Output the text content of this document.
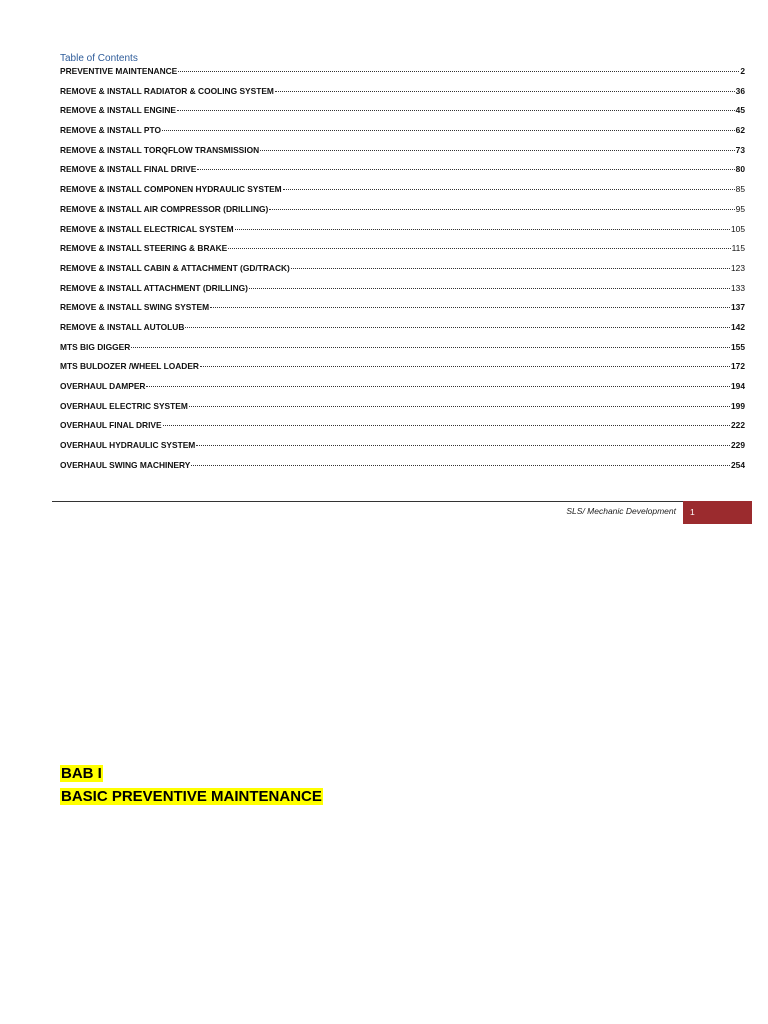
Table of Contents
PREVENTIVE MAINTENANCE	2
REMOVE & INSTALL RADIATOR & COOLING SYSTEM	36
REMOVE & INSTALL ENGINE	45
REMOVE & INSTALL PTO	62
REMOVE & INSTALL TORQFLOW TRANSMISSION	73
REMOVE & INSTALL FINAL DRIVE	80
REMOVE & INSTALL COMPONEN HYDRAULIC SYSTEM	85
REMOVE & INSTALL AIR COMPRESSOR (DRILLING)	95
REMOVE & INSTALL ELECTRICAL SYSTEM	105
REMOVE & INSTALL STEERING & BRAKE	115
REMOVE & INSTALL CABIN & ATTACHMENT (GD/TRACK)	123
REMOVE & INSTALL ATTACHMENT (DRILLING)	133
REMOVE & INSTALL SWING SYSTEM	137
REMOVE & INSTALL AUTOLUB	142
MTS BIG DIGGER	155
MTS BULDOZER /WHEEL LOADER	172
OVERHAUL DAMPER	194
OVERHAUL ELECTRIC SYSTEM	199
OVERHAUL FINAL DRIVE	222
OVERHAUL HYDRAULIC SYSTEM	229
OVERHAUL SWING MACHINERY	254
SLS/ Mechanic Development	1
BAB I
BASIC PREVENTIVE MAINTENANCE
